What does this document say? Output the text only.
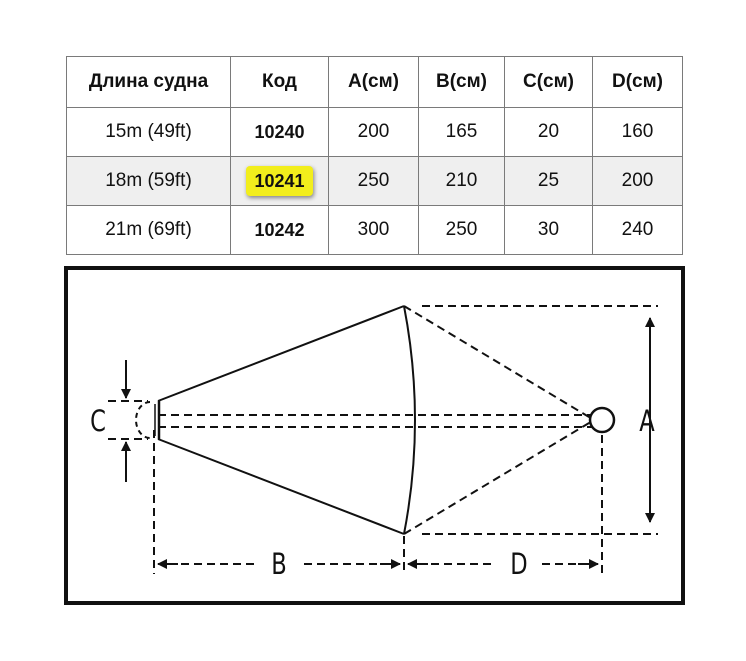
Длина судна	Код	A(см)	B(см)	C(см)	D(см)
15m (49ft)	10240	200	165	20	160
18m (59ft)	10241	250	210	25	200
21m (69ft)	10242	300	250	30	240
A
B
C
D
